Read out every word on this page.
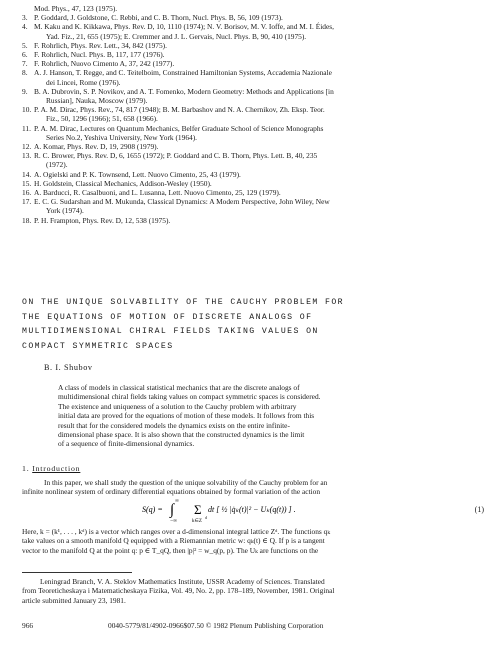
Mod. Phys., 47, 123 (1975).
3. P. Goddard, J. Goldstone, C. Rebbi, and C. B. Thorn, Nucl. Phys. B, 56, 109 (1973).
4. M. Kaku and K. Kikkawa, Phys. Rev. D, 10, 1110 (1974); N. V. Borisov, M. V. Ioffe, and M. I. Éides,
Yad. Fiz., 21, 655 (1975); E. Cremmer and J. L. Gervais, Nucl. Phys. B, 90, 410 (1975).
5. F. Rohrlich, Phys. Rev. Lett., 34, 842 (1975).
6. F. Rohrlich, Nucl. Phys. B, 117, 177 (1976).
7. F. Rohrlich, Nuovo Cimento A, 37, 242 (1977).
8. A. J. Hanson, T. Regge, and C. Teitelboim, Constrained Hamiltonian Systems, Accademia Nazionale
dei Lincei, Rome (1976).
9. B. A. Dubrovin, S. P. Novikov, and A. T. Fomenko, Modern Geometry: Methods and Applications [in
Russian], Nauka, Moscow (1979).
10. P. A. M. Dirac, Phys. Rev., 74, 817 (1948); B. M. Barbashov and N. A. Chernikov, Zh. Eksp. Teor.
Fiz., 50, 1296 (1966); 51, 658 (1966).
11. P. A. M. Dirac, Lectures on Quantum Mechanics, Belfer Graduate School of Science Monographs
Series No.2, Yeshiva University, New York (1964).
12. A. Komar, Phys. Rev. D, 19, 2908 (1979).
13. R. C. Brower, Phys. Rev. D, 6, 1655 (1972); P. Goddard and C. B. Thorn, Phys. Lett. B, 40, 235
(1972).
14. A. Ogielski and P. K. Townsend, Lett. Nuovo Cimento, 25, 43 (1979).
15. H. Goldstein, Classical Mechanics, Addison-Wesley (1950).
16. A. Barducci, R. Casalbuoni, and L. Lusanna, Lett. Nuovo Cimento, 25, 129 (1979).
17. E. C. G. Sudarshan and M. Mukunda, Classical Dynamics: A Modern Perspective, John Wiley, New
York (1974).
18. P. H. Frampton, Phys. Rev. D, 12, 538 (1975).
ON THE UNIQUE SOLVABILITY OF THE CAUCHY PROBLEM FOR
THE EQUATIONS OF MOTION OF DISCRETE ANALOGS OF
MULTIDIMENSIONAL CHIRAL FIELDS TAKING VALUES ON
COMPACT SYMMETRIC SPACES
B. I. Shubov
A class of models in classical statistical mechanics that are the discrete analogs of
multidimensional chiral fields taking values on compact symmetric spaces is considered.
The existence and uniqueness of a solution to the Cauchy problem with arbitrary
initial data are proved for the equations of motion of these models. It follows from this
result that for the considered models the dynamics exists on the entire infinite-
dimensional phase space. It is also shown that the constructed dynamics is the limit
of a sequence of finite-dimensional dynamics.
1. Introduction

In this paper, we shall study the question of the unique solvability of the Cauchy problem for an

infinite nonlinear system of ordinary differential equations obtained by formal variation of the action

S(q) = ∫
∞
−∞
Σ
k∈Z
d
dt [ ½ |q̇ₖ(t)|² − Uₖ(q(t)) ] .	(1)
Here, k = (k¹, . . . , kᵈ) is a vector which ranges over a d-dimensional integral lattice Zᵈ. The functions qₖ
take values on a smooth manifold Q equipped with a Riemannian metric w: qₖ(t) ∈ Q. If p is a tangent
vector to the manifold Q at the point q: p ∈ T_qQ, then |p|² = w_q(p, p). The Uₖ are functions on the
Leningrad Branch, V. A. Steklov Mathematics Institute, USSR Academy of Sciences. Translated
from Teoreticheskaya i Matematicheskaya Fizika, Vol. 49, No. 2, pp. 178–189, November, 1981. Original
article submitted January 23, 1981.
966	0040-5779/81/4902-0966$07.50 © 1982 Plenum Publishing Corporation
